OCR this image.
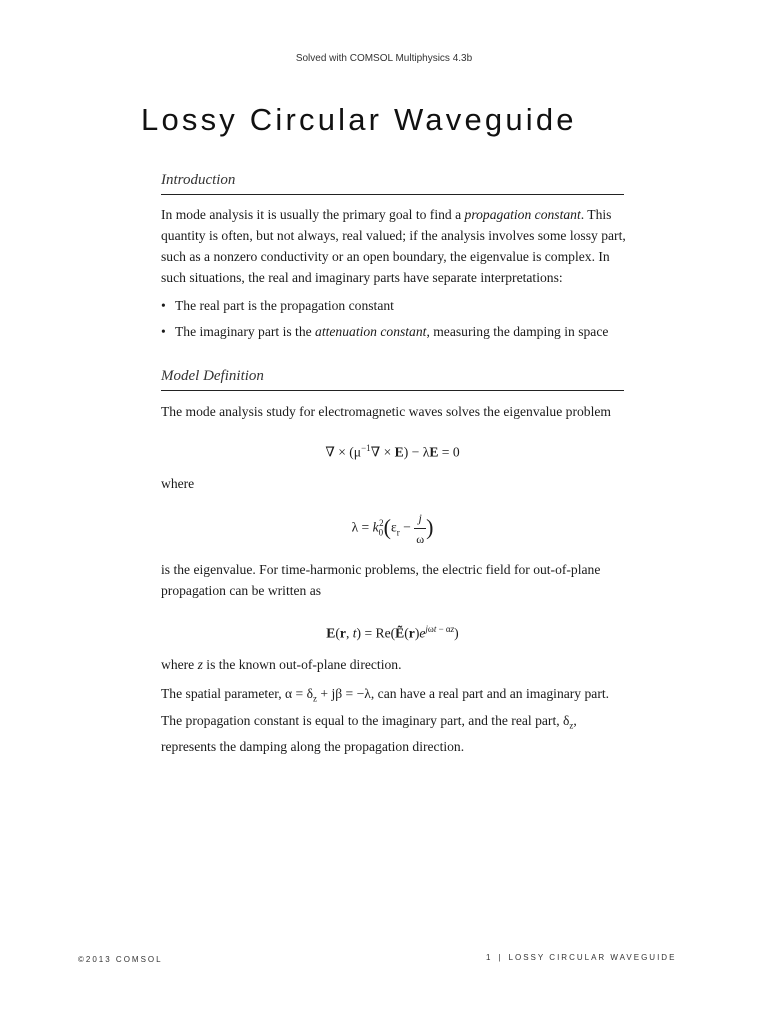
Solved with COMSOL Multiphysics 4.3b
Lossy Circular Waveguide
Introduction
In mode analysis it is usually the primary goal to find a propagation constant. This quantity is often, but not always, real valued; if the analysis involves some lossy part, such as a nonzero conductivity or an open boundary, the eigenvalue is complex. In such situations, the real and imaginary parts have separate interpretations:
• The real part is the propagation constant
• The imaginary part is the attenuation constant, measuring the damping in space
Model Definition
The mode analysis study for electromagnetic waves solves the eigenvalue problem
∇ × $(\mu^{-1}\nabla \times E) - \lambda E = 0$
where
$\lambda = k_0^2(\varepsilon_r - \frac{j}{\omega}$ )
is the eigenvalue. For time-harmonic problems, the electric field for out-of-plane propagation can be written as
E(r, $t) = Re(Ẽ(r)e^{j\omega t - \alpha z})$
where z is the known out-of-plane direction.
The spatial parameter, $\alpha = \delta_z + j\beta = -\lambda$, can have a real part and an imaginary part. The propagation constant is equal to the imaginary part, and the real part, $\delta_z$, represents the damping along the propagation direction.
©2013 COMSOL	1 | LOSSY CIRCULAR WAVEGUIDE
